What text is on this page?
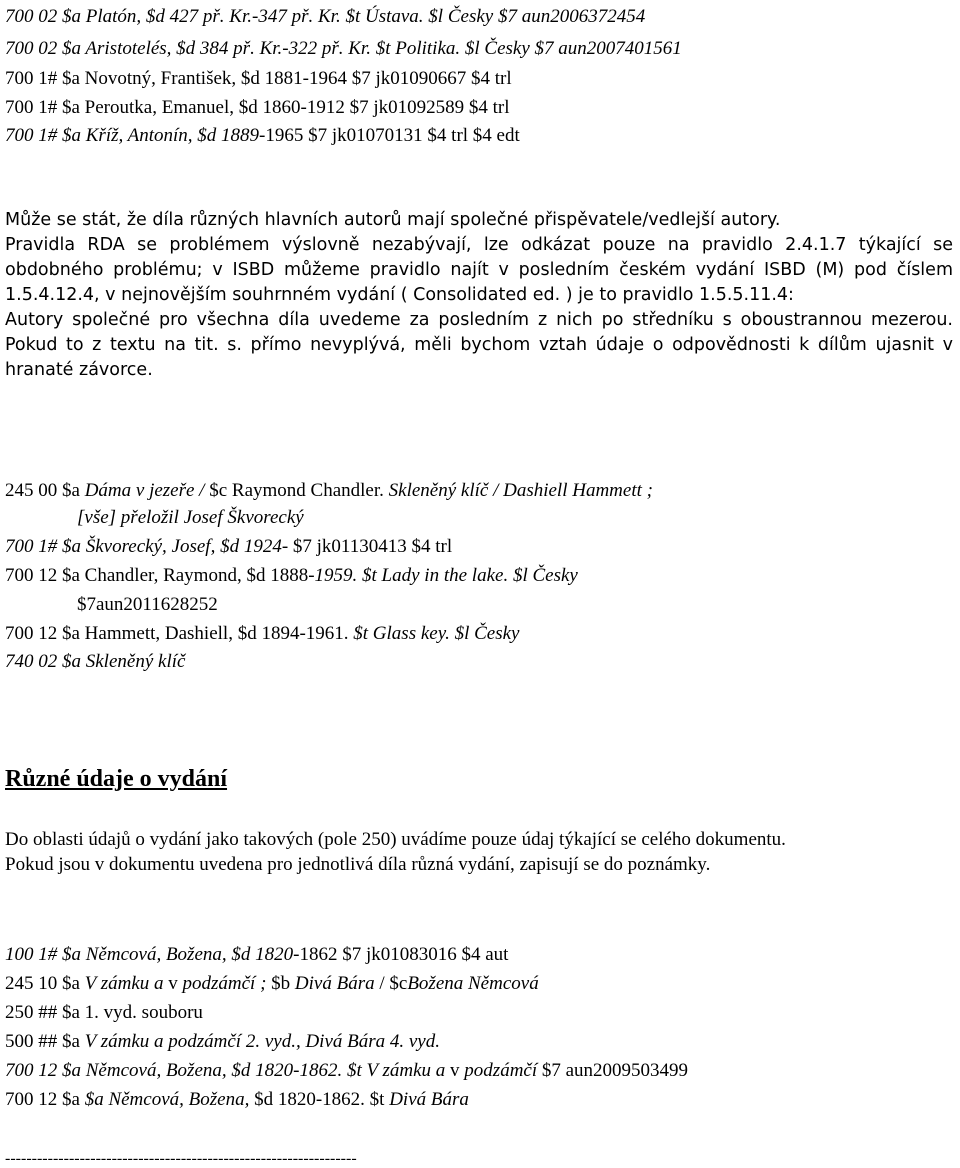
700 02 $a Platón, $d 427 př. Kr.-347 př. Kr. $t Ústava. $l Česky $7 aun2006372454
700 02 $a Aristotelés, $d 384 př. Kr.-322 př. Kr. $t Politika. $l Česky $7 aun2007401561
700 1# $a Novotný, František, $d 1881-1964 $7 jk01090667 $4 trl
700 1# $a Peroutka, Emanuel, $d 1860-1912 $7 jk01092589 $4 trl
700 1# $a Kříž, Antonín, $d 1889-1965 $7 jk01070131 $4 trl $4 edt
Může se stát, že díla různých hlavních autorů mají společné přispěvatele/vedlejší autory.
Pravidla RDA se problémem výslovně nezabývají, lze odkázat pouze na pravidlo 2.4.1.7 týkající se obdobného problému; v ISBD můžeme pravidlo najít v posledním českém vydání ISBD (M) pod číslem 1.5.4.12.4, v nejnovějším souhrnném vydání ( Consolidated ed. ) je to pravidlo 1.5.5.11.4:
Autory společné pro všechna díla uvedeme za posledním z nich po středníku s oboustrannou mezerou. Pokud to z textu na tit. s. přímo nevyplývá, měli bychom vztah údaje o odpovědnosti k dílům ujasnit v hranaté závorce.
245 00 $a Dáma v jezeře / $c Raymond Chandler. Skleněný klíč / Dashiell Hammett ;
[vše] přeložil Josef Škvorecký
700 1# $a Škvorecký, Josef, $d 1924- $7 jk01130413 $4 trl
700 12 $a Chandler, Raymond, $d 1888-1959. $t Lady in the lake. $l Česky
$7aun2011628252
700 12 $a Hammett, Dashiell, $d 1894-1961. $t Glass key. $l Česky
740 02 $a Skleněný klíč
Různé údaje o vydání
Do oblasti údajů o vydání jako takových (pole 250) uvádíme pouze údaj týkající se celého dokumentu.
Pokud jsou v dokumentu uvedena pro jednotlivá díla různá vydání, zapisují se do poznámky.
100 1# $a Němcová, Božena, $d 1820-1862 $7 jk01083016 $4 aut
245 10 $a V zámku a v podzámčí ; $b Divá Bára / $cBožena Němcová
250 ## $a 1. vyd. souboru
500 ## $a V zámku a podzámčí 2. vyd., Divá Bára 4. vyd.
700 12 $a Němcová, Božena, $d 1820-1862. $t V zámku a v podzámčí $7 aun2009503499
700 12 $a $a Němcová, Božena, $d 1820-1862. $t Divá Bára
------------------------------------------------------------------
